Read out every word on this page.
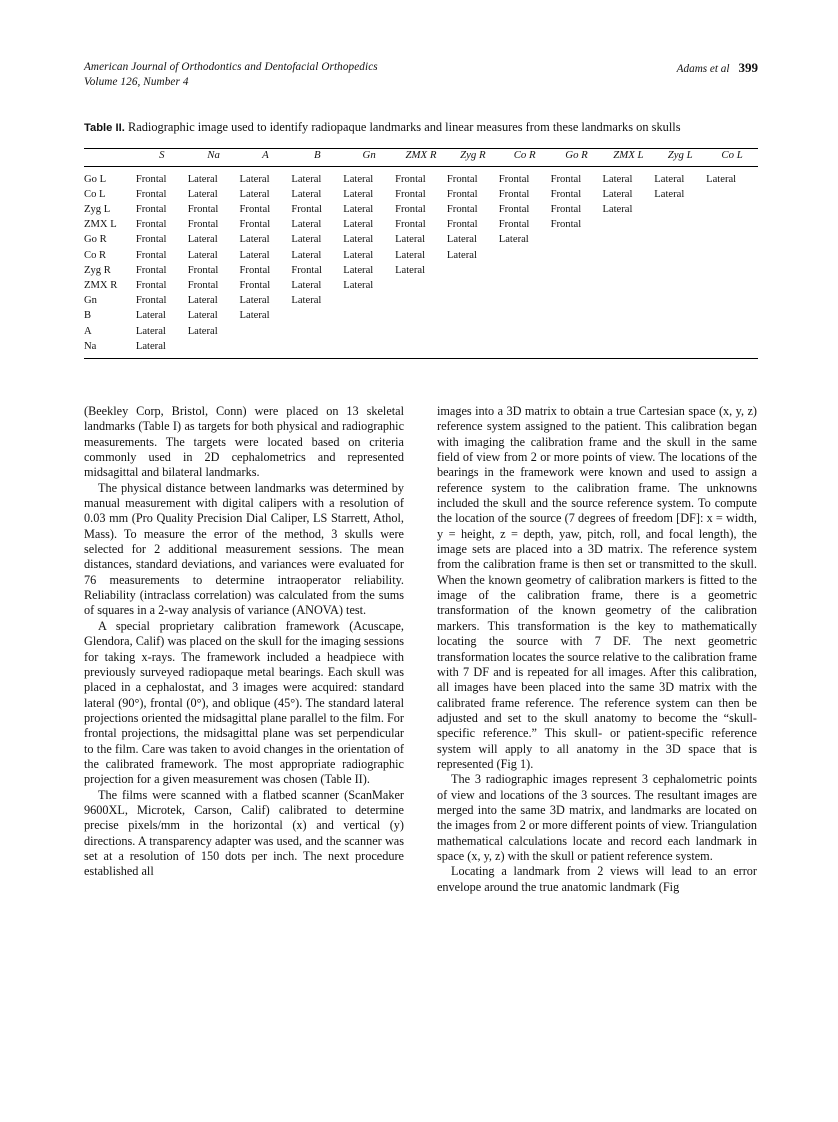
American Journal of Orthodontics and Dentofacial Orthopedics
Volume 126, Number 4
Adams et al 399
Table II. Radiographic image used to identify radiopaque landmarks and linear measures from these landmarks on skulls
	S	Na	A	B	Gn	ZMX R	Zyg R	Co R	Go R	ZMX L	Zyg L	Co L
Go L	Frontal	Lateral	Lateral	Lateral	Lateral	Frontal	Frontal	Frontal	Frontal	Lateral	Lateral	Lateral
Co L	Frontal	Lateral	Lateral	Lateral	Lateral	Frontal	Frontal	Frontal	Frontal	Lateral	Lateral	
Zyg L	Frontal	Frontal	Frontal	Frontal	Lateral	Frontal	Frontal	Frontal	Frontal	Lateral		
ZMX L	Frontal	Frontal	Frontal	Lateral	Lateral	Frontal	Frontal	Frontal	Frontal			
Go R	Frontal	Lateral	Lateral	Lateral	Lateral	Lateral	Lateral	Lateral				
Co R	Frontal	Lateral	Lateral	Lateral	Lateral	Lateral	Lateral					
Zyg R	Frontal	Frontal	Frontal	Frontal	Lateral	Lateral						
ZMX R	Frontal	Frontal	Frontal	Lateral	Lateral							
Gn	Frontal	Lateral	Lateral	Lateral								
B	Lateral	Lateral	Lateral									
A	Lateral	Lateral										
Na	Lateral											

(Beekley Corp, Bristol, Conn) were placed on 13 skeletal landmarks (Table I) as targets for both physical and radiographic measurements. The targets were located based on criteria commonly used in 2D cephalometrics and represented midsagittal and bilateral landmarks.

The physical distance between landmarks was determined by manual measurement with digital calipers with a resolution of 0.03 mm (Pro Quality Precision Dial Caliper, LS Starrett, Athol, Mass). To measure the error of the method, 3 skulls were selected for 2 additional measurement sessions. The mean distances, standard deviations, and variances were evaluated for 76 measurements to determine intraoperator reliability. Reliability (intraclass correlation) was calculated from the sums of squares in a 2-way analysis of variance (ANOVA) test.

A special proprietary calibration framework (Acuscape, Glendora, Calif) was placed on the skull for the imaging sessions for taking x-rays. The framework included a headpiece with previously surveyed radiopaque metal bearings. Each skull was placed in a cephalostat, and 3 images were acquired: standard lateral (90°), frontal (0°), and oblique (45°). The standard lateral projections oriented the midsagittal plane parallel to the film. For frontal projections, the midsagittal plane was set perpendicular to the film. Care was taken to avoid changes in the orientation of the calibrated framework. The most appropriate radiographic projection for a given measurement was chosen (Table II).

The films were scanned with a flatbed scanner (ScanMaker 9600XL, Microtek, Carson, Calif) calibrated to determine precise pixels/mm in the horizontal (x) and vertical (y) directions. A transparency adapter was used, and the scanner was set at a resolution of 150 dots per inch. The next procedure established all

images into a 3D matrix to obtain a true Cartesian space (x, y, z) reference system assigned to the patient. This calibration began with imaging the calibration frame and the skull in the same field of view from 2 or more points of view. The locations of the bearings in the framework were known and used to assign a reference system to the calibration frame. The unknowns included the skull and the source reference system. To compute the location of the source (7 degrees of freedom [DF]: x = width, y = height, z = depth, yaw, pitch, roll, and focal length), the image sets are placed into a 3D matrix. The reference system from the calibration frame is then set or transmitted to the skull. When the known geometry of calibration markers is fitted to the image of the calibration frame, there is a geometric transformation of the known geometry of the calibration markers. This transformation is the key to mathematically locating the source with 7 DF. The next geometric transformation locates the source relative to the calibration frame with 7 DF and is repeated for all images. After this calibration, all images have been placed into the same 3D matrix with the calibrated frame reference. The reference system can then be adjusted and set to the skull anatomy to become the “skull-specific reference.” This skull- or patient-specific reference system will apply to all anatomy in the 3D space that is represented (Fig 1).

The 3 radiographic images represent 3 cephalometric points of view and locations of the 3 sources. The resultant images are merged into the same 3D matrix, and landmarks are located on the images from 2 or more different points of view. Triangulation mathematical calculations locate and record each landmark in space (x, y, z) with the skull or patient reference system.

Locating a landmark from 2 views will lead to an error envelope around the true anatomic landmark (Fig
